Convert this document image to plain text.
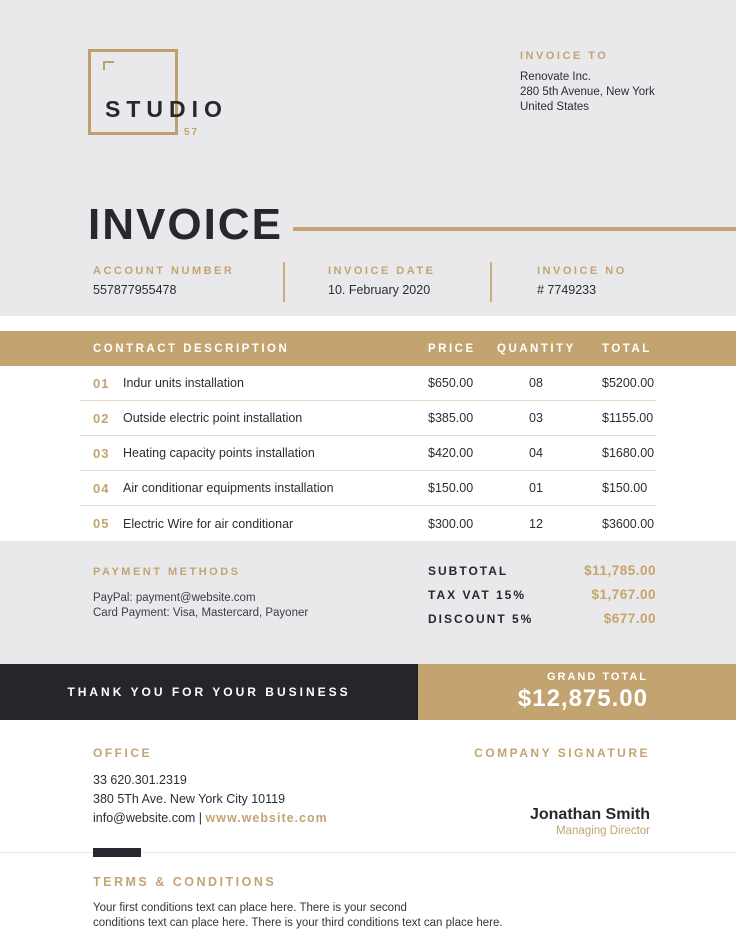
STUDIO
57
INVOICE TO
Renovate Inc.
280 5th Avenue, New York
United States
INVOICE
ACCOUNT NUMBER
557877955478
INVOICE DATE
10. February 2020
INVOICE NO
# 7749233
CONTRACT DESCRIPTION	PRICE	QUANTITY	TOTAL
01	Indur units installation	$650.00	08	$5200.00
02	Outside electric point installation	$385.00	03	$1155.00
03	Heating capacity points installation	$420.00	04	$1680.00
04	Air conditionar equipments installation	$150.00	01	$150.00
05	Electric Wire for air conditionar	$300.00	12	$3600.00
PAYMENT METHODS
PayPal: payment@website.com
Card Payment: Visa, Mastercard, Payoner
SUBTOTAL	$11,785.00
TAX VAT 15%	$1,767.00
DISCOUNT 5%	$677.00
THANK YOU FOR YOUR BUSINESS
GRAND TOTAL
$12,875.00
OFFICE
33 620.301.2319
380 5Th Ave. New York City 10119
info@website.com | www.website.com
COMPANY SIGNATURE
Jonathan Smith
Managing Director
TERMS & CONDITIONS
Your first conditions text can place here. There is your second
conditions text can place here. There is your third conditions text can place here.
